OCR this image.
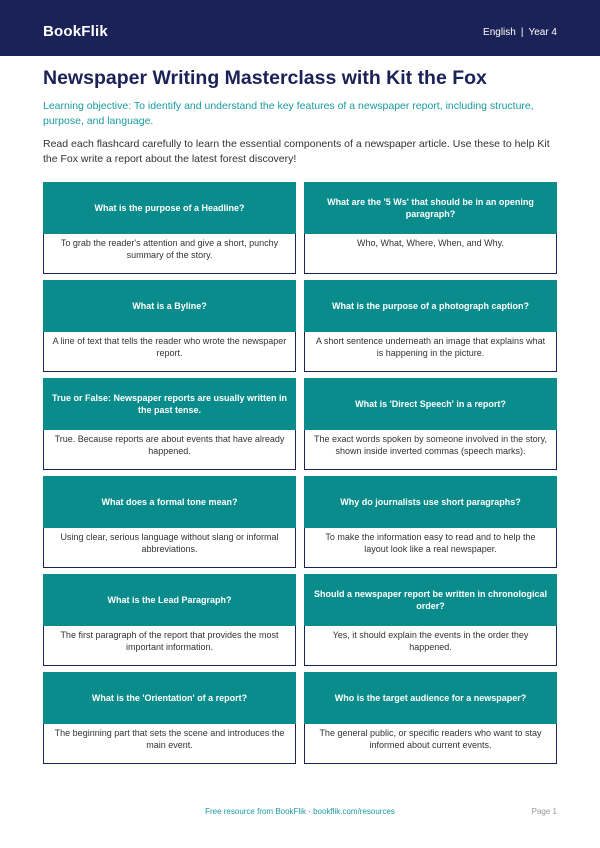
BookFlik	English | Year 4
Newspaper Writing Masterclass with Kit the Fox

Learning objective: To identify and understand the key features of a newspaper report, including structure, purpose, and language.

Read each flashcard carefully to learn the essential components of a newspaper article. Use these to help Kit the Fox write a report about the latest forest discovery!

What is the purpose of a Headline?
To grab the reader's attention and give a short, punchy summary of the story.
What are the '5 Ws' that should be in an opening paragraph?
Who, What, Where, When, and Why.
What is a Byline?
A line of text that tells the reader who wrote the newspaper report.
What is the purpose of a photograph caption?
A short sentence underneath an image that explains what is happening in the picture.
True or False: Newspaper reports are usually written in the past tense.
True. Because reports are about events that have already happened.
What is 'Direct Speech' in a report?
The exact words spoken by someone involved in the story, shown inside inverted commas (speech marks).
What does a formal tone mean?
Using clear, serious language without slang or informal abbreviations.
Why do journalists use short paragraphs?
To make the information easy to read and to help the layout look like a real newspaper.
What is the Lead Paragraph?
The first paragraph of the report that provides the most important information.
Should a newspaper report be written in chronological order?
Yes, it should explain the events in the order they happened.
What is the 'Orientation' of a report?
The beginning part that sets the scene and introduces the main event.
Who is the target audience for a newspaper?
The general public, or specific readers who want to stay informed about current events.
Free resource from BookFlik · bookflik.com/resources	Page 1
